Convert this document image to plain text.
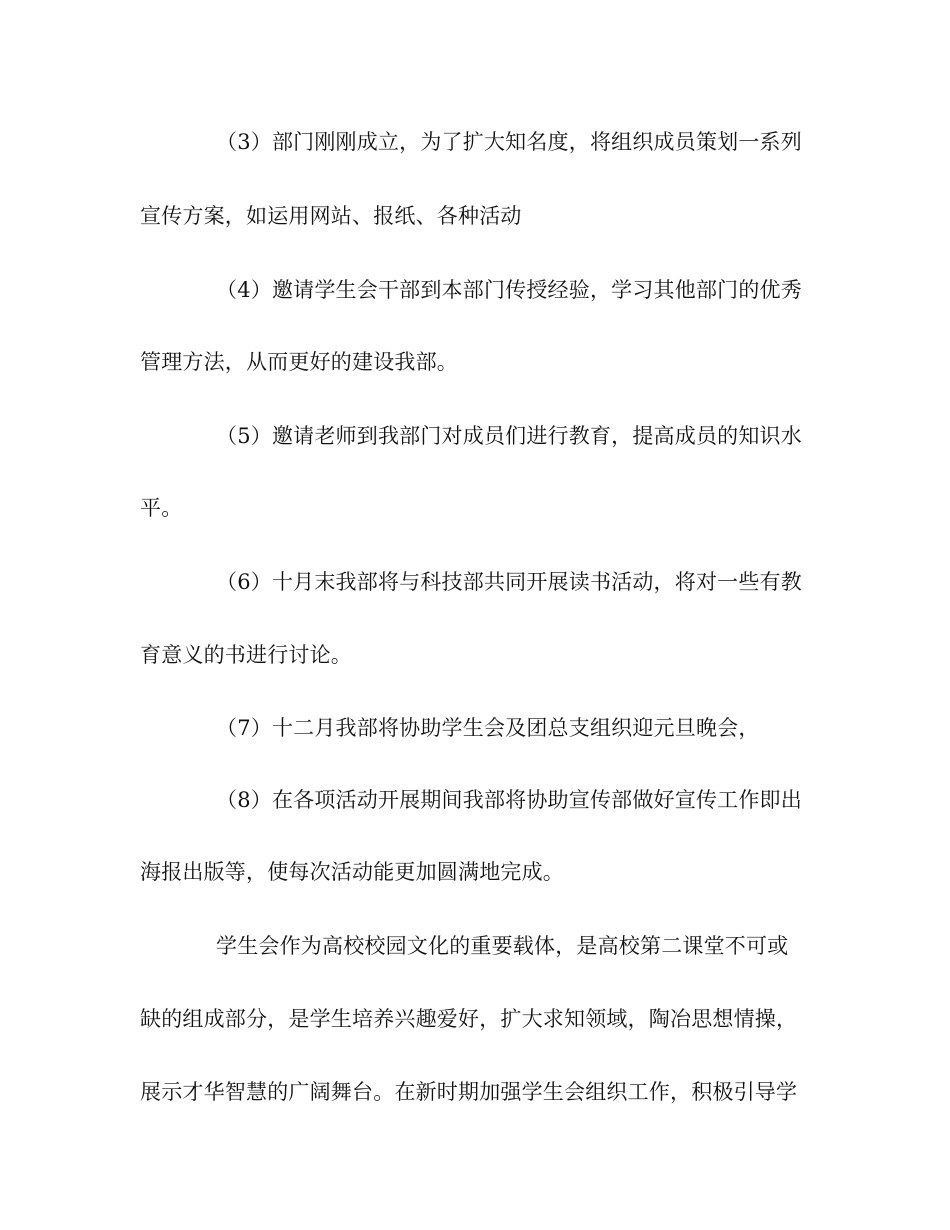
（3）部门刚刚成立，为了扩大知名度，将组织成员策划一系列
宣传方案，如运用网站、报纸、各种活动
（4）邀请学生会干部到本部门传授经验，学习其他部门的优秀
管理方法，从而更好的建设我部。
（5）邀请老师到我部门对成员们进行教育，提高成员的知识水
平。
（6）十月末我部将与科技部共同开展读书活动，将对一些有教
育意义的书进行讨论。
（7）十二月我部将协助学生会及团总支组织迎元旦晚会，
（8）在各项活动开展期间我部将协助宣传部做好宣传工作即出
海报出版等，使每次活动能更加圆满地完成。
学生会作为高校校园文化的重要载体，是高校第二课堂不可或
缺的组成部分，是学生培养兴趣爱好，扩大求知领域，陶冶思想情操，
展示才华智慧的广阔舞台。在新时期加强学生会组织工作，积极引导学
